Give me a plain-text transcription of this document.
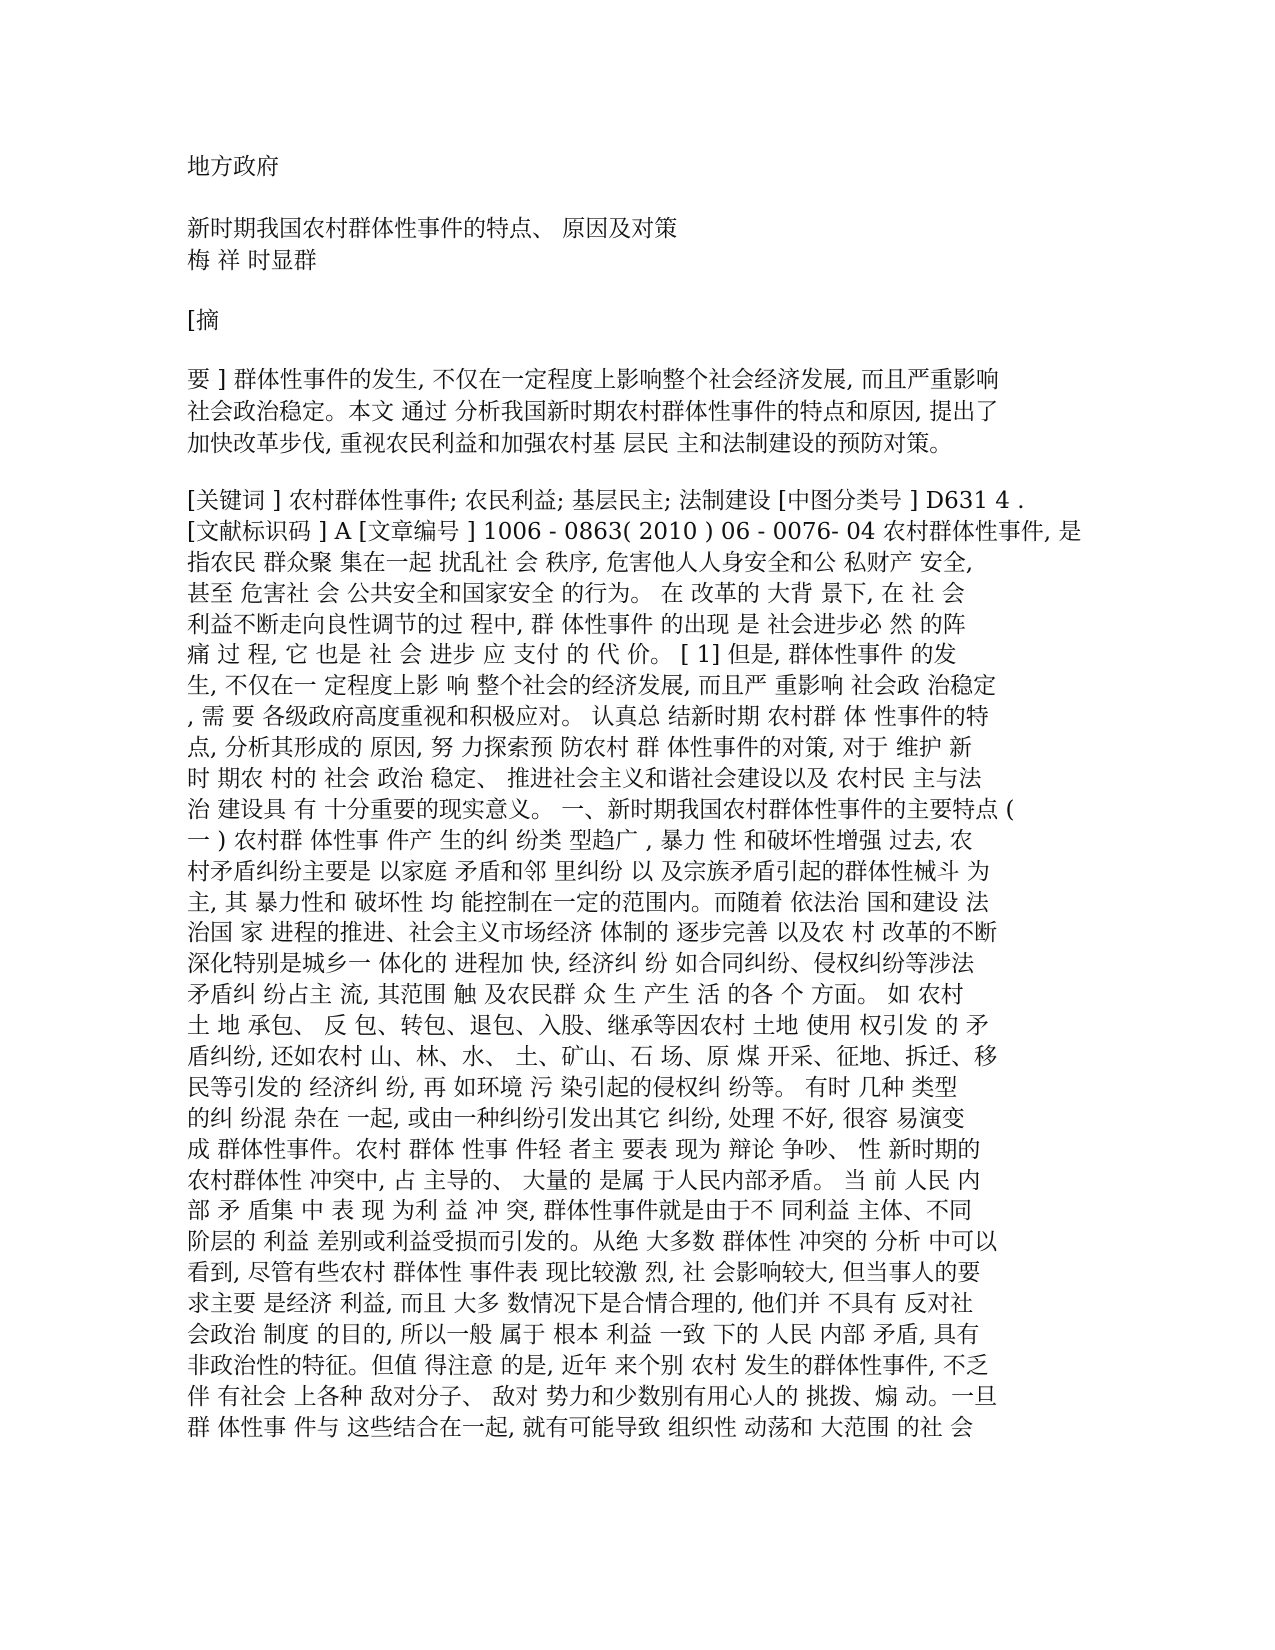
地方政府
新时期我国农村群体性事件的特点、 原因及对策
梅 祥 时显群
[摘
要 ] 群体性事件的发生, 不仅在一定程度上影响整个社会经济发展, 而且严重影响
社会政治稳定。本文 通过 分析我国新时期农村群体性事件的特点和原因, 提出了
加快改革步伐, 重视农民利益和加强农村基 层民 主和法制建设的预防对策。
[关键词 ] 农村群体性事件; 农民利益; 基层民主; 法制建设 [中图分类号 ] D631 4 .
[文献标识码 ] A [文章编号 ] 1006 - 0863( 2010 ) 06 - 0076- 04 农村群体性事件, 是
指农民 群众聚 集在一起 扰乱社 会 秩序, 危害他人人身安全和公 私财产 安全,
甚至 危害社 会 公共安全和国家安全 的行为。 在 改革的 大背 景下, 在 社 会
利益不断走向良性调节的过 程中, 群 体性事件 的出现 是 社会进步必 然 的阵
痛 过 程, 它 也是 社 会 进步 应 支付 的 代 价。 [ 1] 但是, 群体性事件 的发
生, 不仅在一 定程度上影 响 整个社会的经济发展, 而且严 重影响 社会政 治稳定
, 需 要 各级政府高度重视和积极应对。 认真总 结新时期 农村群 体 性事件的特
点, 分析其形成的 原因, 努 力探索预 防农村 群 体性事件的对策, 对于 维护 新
时 期农 村的 社会 政治 稳定、 推进社会主义和谐社会建设以及 农村民 主与法
治 建设具 有 十分重要的现实意义。 一、新时期我国农村群体性事件的主要特点 (
一 ) 农村群 体性事 件产 生的纠 纷类 型趋广 , 暴力 性 和破坏性增强 过去, 农
村矛盾纠纷主要是 以家庭 矛盾和邻 里纠纷 以 及宗族矛盾引起的群体性械斗 为
主, 其 暴力性和 破坏性 均 能控制在一定的范围内。而随着 依法治 国和建设 法
治国 家 进程的推进、社会主义市场经济 体制的 逐步完善 以及农 村 改革的不断
深化特别是城乡一 体化的 进程加 快, 经济纠 纷 如合同纠纷、侵权纠纷等涉法
矛盾纠 纷占主 流, 其范围 触 及农民群 众 生 产生 活 的各 个 方面。 如 农村
土 地 承包、 反 包、转包、退包、入股、继承等因农村 土地 使用 权引发 的 矛
盾纠纷, 还如农村 山、林、水、 土、矿山、石 场、原 煤 开采、征地、拆迁、移
民等引发的 经济纠 纷, 再 如环境 污 染引起的侵权纠 纷等。 有时 几种 类型
的纠 纷混 杂在 一起, 或由一种纠纷引发出其它 纠纷, 处理 不好, 很容 易演变
成 群体性事件。农村 群体 性事 件轻 者主 要表 现为 辩论 争吵、 性 新时期的
农村群体性 冲突中, 占 主导的、 大量的 是属 于人民内部矛盾。 当 前 人民 内
部 矛 盾集 中 表 现 为利 益 冲 突, 群体性事件就是由于不 同利益 主体、不同
阶层的 利益 差别或利益受损而引发的。从绝 大多数 群体性 冲突的 分析 中可以
看到, 尽管有些农村 群体性 事件表 现比较激 烈, 社 会影响较大, 但当事人的要
求主要 是经济 利益, 而且 大多 数情况下是合情合理的, 他们并 不具有 反对社
会政治 制度 的目的, 所以一般 属于 根本 利益 一致 下的 人民 内部 矛盾, 具有
非政治性的特征。但值 得注意 的是, 近年 来个别 农村 发生的群体性事件, 不乏
伴 有社会 上各种 敌对分子、 敌对 势力和少数别有用心人的 挑拨、煽 动。一旦
群 体性事 件与 这些结合在一起, 就有可能导致 组织性 动荡和 大范围 的社 会
